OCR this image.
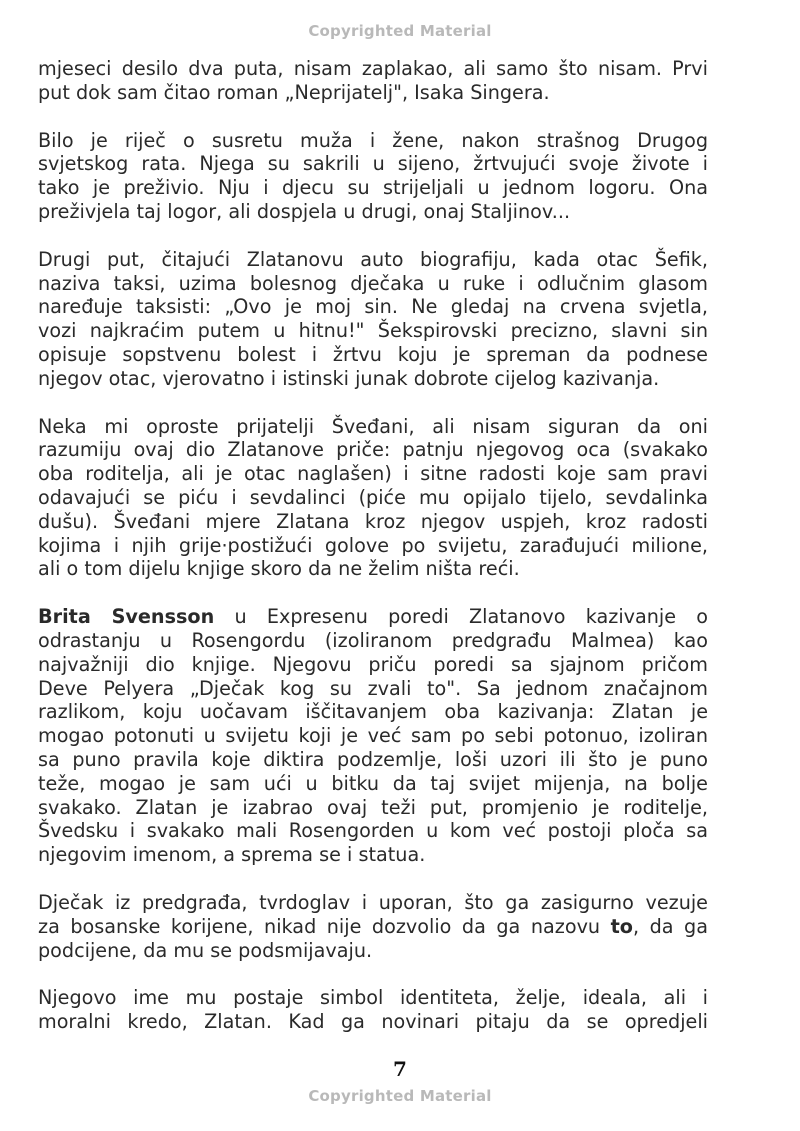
Copyrighted Material
mjeseci desilo dva puta, nisam zaplakao, ali samo što nisam. Prvi
put dok sam čitao roman „Neprijatelj", Isaka Singera.
Bilo je riječ o susretu muža i žene, nakon strašnog Drugog
svjetskog rata. Njega su sakrili u sijeno, žrtvujući svoje živote i
tako je preživio. Nju i djecu su strijeljali u jednom logoru. Ona
preživjela taj logor, ali dospjela u drugi, onaj Staljinov...
Drugi put, čitajući Zlatanovu auto biografiju, kada otac Šefik,
naziva taksi, uzima bolesnog dječaka u ruke i odlučnim glasom
naređuje taksisti: „Ovo je moj sin. Ne gledaj na crvena svjetla,
vozi najkraćim putem u hitnu!" Šekspirovski precizno, slavni sin
opisuje sopstvenu bolest i žrtvu koju je spreman da podnese
njegov otac, vjerovatno i istinski junak dobrote cijelog kazivanja.
Neka mi oproste prijatelji Šveđani, ali nisam siguran da oni
razumiju ovaj dio Zlatanove priče: patnju njegovog oca (svakako
oba roditelja, ali je otac naglašen) i sitne radosti koje sam pravi
odavajući se piću i sevdalinci (piće mu opijalo tijelo, sevdalinka
dušu). Šveđani mjere Zlatana kroz njegov uspjeh, kroz radosti
kojima i njih grije·postižući golove po svijetu, zarađujući milione,
ali o tom dijelu knjige skoro da ne želim ništa reći.
Brita Svensson u Expresenu poredi Zlatanovo kazivanje o
odrastanju u Rosengordu (izoliranom predgrađu Malmea) kao
najvažniji dio knjige. Njegovu priču poredi sa sjajnom pričom
Deve Pelyera „Dječak kog su zvali to". Sa jednom značajnom
razlikom, koju uočavam iščitavanjem oba kazivanja: Zlatan je
mogao potonuti u svijetu koji je već sam po sebi potonuo, izoliran
sa puno pravila koje diktira podzemlje, loši uzori ili što je puno
teže, mogao je sam ući u bitku da taj svijet mijenja, na bolje
svakako. Zlatan je izabrao ovaj teži put, promjenio je roditelje,
Švedsku i svakako mali Rosengorden u kom već postoji ploča sa
njegovim imenom, a sprema se i statua.
Dječak iz predgrađa, tvrdoglav i uporan, što ga zasigurno vezuje
za bosanske korijene, nikad nije dozvolio da ga nazovu to, da ga
podcijene, da mu se podsmijavaju.
Njegovo ime mu postaje simbol identiteta, želje, ideala, ali i
moralni kredo, Zlatan. Kad ga novinari pitaju da se opredjeli
7
Copyrighted Material
